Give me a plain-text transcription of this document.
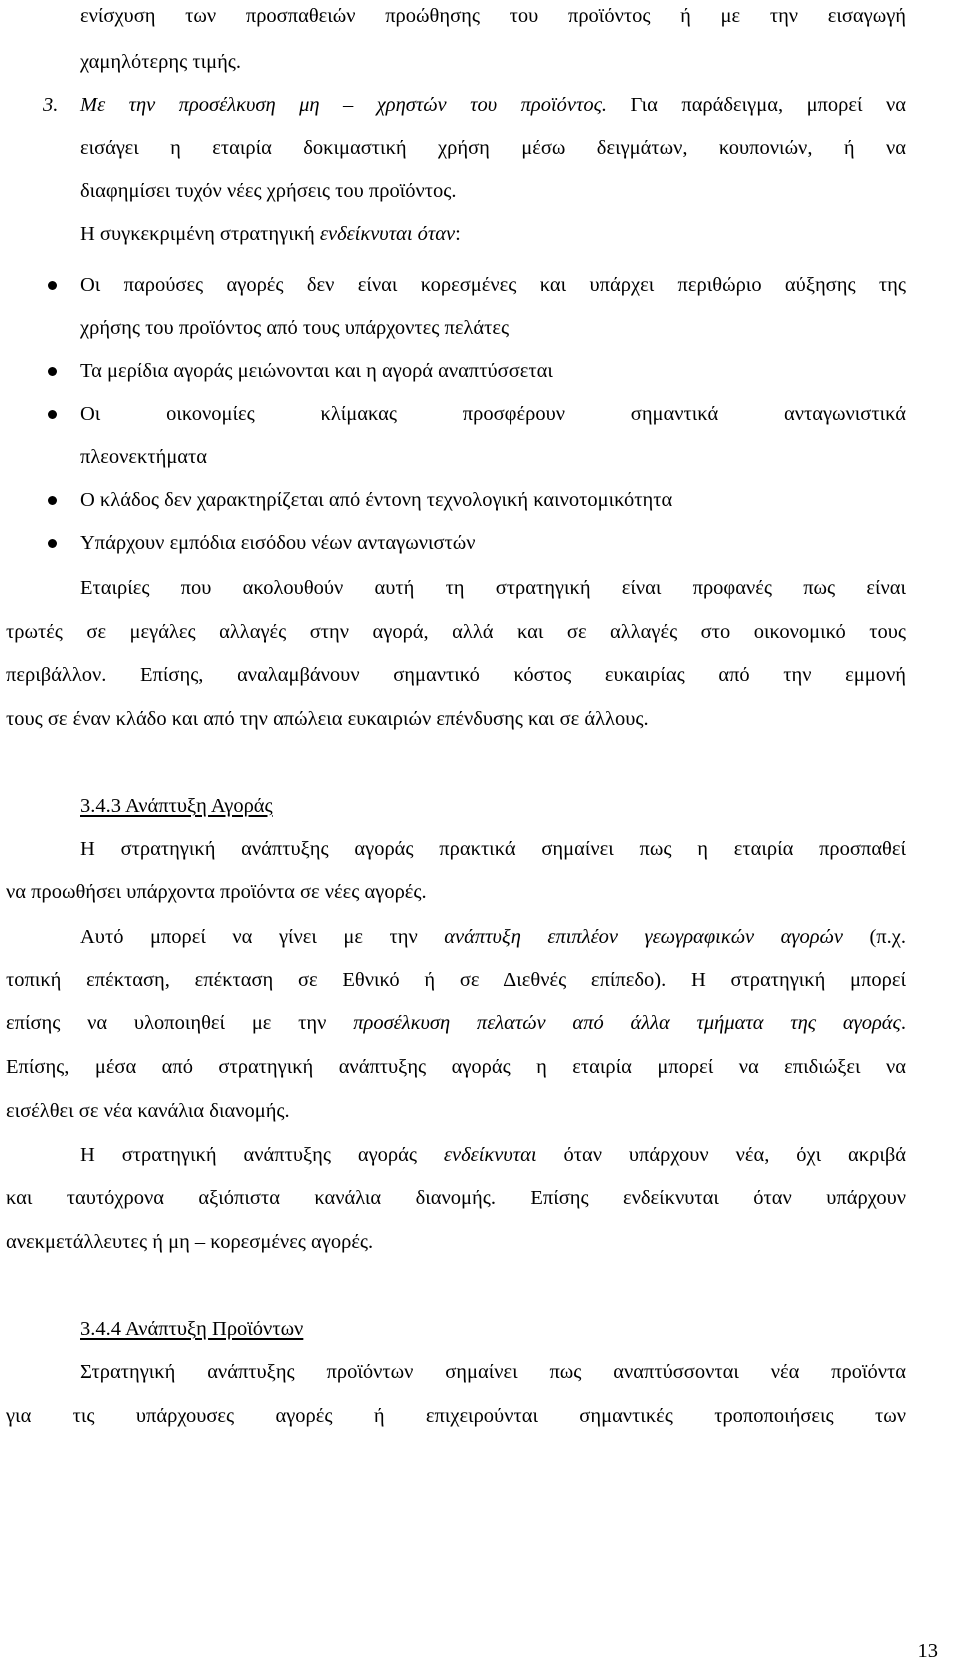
ενίσχυση των προσπαθειών προώθησης του προϊόντος ή με την εισαγωγή
χαμηλότερης τιμής.
3. Με την προσέλκυση μη – χρηστών του προϊόντος. Για παράδειγμα, μπορεί να
εισάγει η εταιρία δοκιμαστική χρήση μέσω δειγμάτων, κουπονιών, ή να
διαφημίσει τυχόν νέες χρήσεις του προϊόντος.
Η συγκεκριμένη στρατηγική ενδείκνυται όταν:
Οι παρούσες αγορές δεν είναι κορεσμένες και υπάρχει περιθώριο αύξησης της
χρήσης του προϊόντος από τους υπάρχοντες πελάτες
Τα μερίδια αγοράς μειώνονται και η αγορά αναπτύσσεται
Οι οικονομίες κλίμακας προσφέρουν σημαντικά ανταγωνιστικά
πλεονεκτήματα
Ο κλάδος δεν χαρακτηρίζεται από έντονη τεχνολογική καινοτομικότητα
Υπάρχουν εμπόδια εισόδου νέων ανταγωνιστών
Εταιρίες που ακολουθούν αυτή τη στρατηγική είναι προφανές πως είναι
τρωτές σε μεγάλες αλλαγές στην αγορά, αλλά και σε αλλαγές στο οικονομικό τους
περιβάλλον. Επίσης, αναλαμβάνουν σημαντικό κόστος ευκαιρίας από την εμμονή
τους σε έναν κλάδο και από την απώλεια ευκαιριών επένδυσης και σε άλλους.
3.4.3 Ανάπτυξη Αγοράς
Η στρατηγική ανάπτυξης αγοράς πρακτικά σημαίνει πως η εταιρία προσπαθεί
να προωθήσει υπάρχοντα προϊόντα σε νέες αγορές.
Αυτό μπορεί να γίνει με την ανάπτυξη επιπλέον γεωγραφικών αγορών (π.χ.
τοπική επέκταση, επέκταση σε Εθνικό ή σε Διεθνές επίπεδο). Η στρατηγική μπορεί
επίσης να υλοποιηθεί με την προσέλκυση πελατών από άλλα τμήματα της αγοράς.
Επίσης, μέσα από στρατηγική ανάπτυξης αγοράς η εταιρία μπορεί να επιδιώξει να
εισέλθει σε νέα κανάλια διανομής.
Η στρατηγική ανάπτυξης αγοράς ενδείκνυται όταν υπάρχουν νέα, όχι ακριβά
και ταυτόχρονα αξιόπιστα κανάλια διανομής. Επίσης ενδείκνυται όταν υπάρχουν
ανεκμετάλλευτες ή μη – κορεσμένες αγορές.
3.4.4 Ανάπτυξη Προϊόντων
Στρατηγική ανάπτυξης προϊόντων σημαίνει πως αναπτύσσονται νέα προϊόντα
για τις υπάρχουσες αγορές ή επιχειρούνται σημαντικές τροποποιήσεις των
13
